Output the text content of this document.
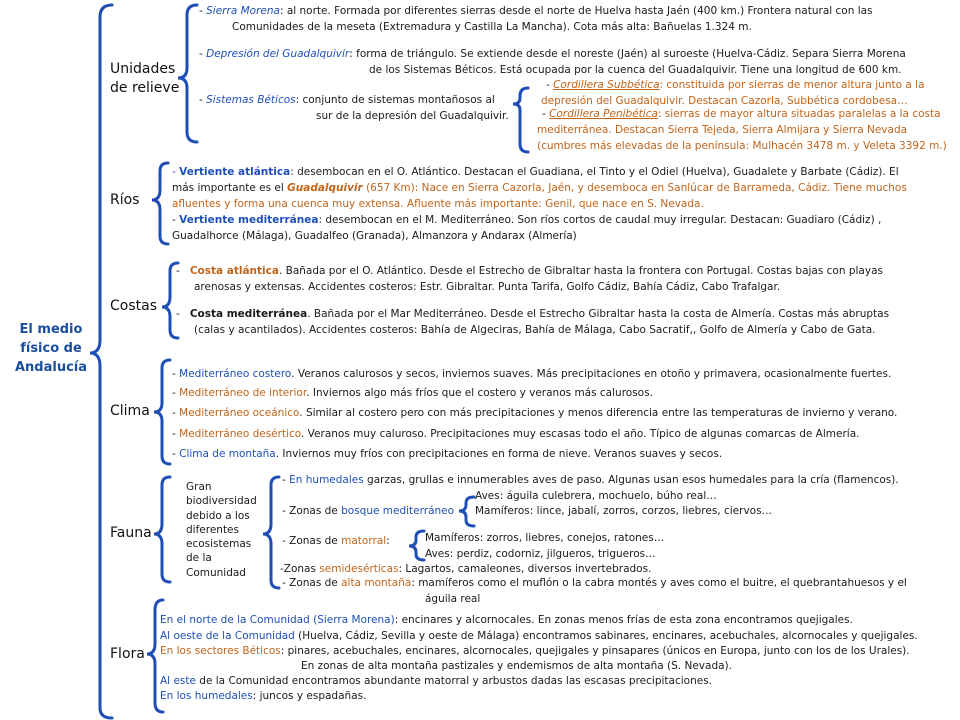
El medio
físico de
Andalucía
Unidades
de relieve
- Sierra Morena: al norte. Formada por diferentes sierras desde el norte de Huelva hasta Jaén (400 km.) Frontera natural con las
Comunidades de la meseta (Extremadura y Castilla La Mancha). Cota más alta: Bañuelas 1.324 m.
- Depresión del Guadalquivir: forma de triángulo. Se extiende desde el noreste (Jaén) al suroeste (Huelva-Cádiz. Separa Sierra Morena
de los Sistemas Béticos. Está ocupada por la cuenca del Guadalquivir. Tiene una longitud de 600 km.
- Sistemas Béticos: conjunto de sistemas montañosos al
sur de la depresión del Guadalquivir.
- Cordillera Subbética: constituida por sierras de menor altura junto a la
depresión del Guadalquivir. Destacan Cazorla, Subbética cordobesa…
- Cordillera Penibética: sierras de mayor altura situadas paralelas a la costa
mediterránea. Destacan Sierra Tejeda, Sierra Almijara y Sierra Nevada
(cumbres más elevadas de la península: Mulhacén 3478 m. y Veleta 3392 m.)
Ríos
- Vertiente atlántica: desembocan en el O. Atlántico. Destacan el Guadiana, el Tinto y el Odiel (Huelva), Guadalete y Barbate (Cádiz). El
más importante es el Guadalquivir (657 Km): Nace en Sierra Cazorla, Jaén, y desemboca en Sanlúcar de Barrameda, Cádiz. Tiene muchos
afluentes y forma una cuenca muy extensa. Afluente más importante: Genil, que nace en S. Nevada.
- Vertiente mediterránea: desembocan en el M. Mediterráneo. Son ríos cortos de caudal muy irregular. Destacan: Guadiaro (Cádiz) ,
Guadalhorce (Málaga), Guadalfeo (Granada), Almanzora y Andarax (Almería)
Costas
-   Costa atlántica. Bañada por el O. Atlántico. Desde el Estrecho de Gibraltar hasta la frontera con Portugal. Costas bajas con playas
arenosas y extensas. Accidentes costeros: Estr. Gibraltar. Punta Tarifa, Golfo Cádiz, Bahía Cádiz, Cabo Trafalgar.
-   Costa mediterránea. Bañada por el Mar Mediterráneo. Desde el Estrecho Gibraltar hasta la costa de Almería. Costas más abruptas
(calas y acantilados). Accidentes costeros: Bahía de Algeciras, Bahía de Málaga, Cabo Sacratif,, Golfo de Almería y Cabo de Gata.
Clima
- Mediterráneo costero. Veranos calurosos y secos, inviernos suaves. Más precipitaciones en otoño y primavera, ocasionalmente fuertes.
- Mediterráneo de interior. Inviernos algo más fríos que el costero y veranos más calurosos.
- Mediterráneo oceánico. Similar al costero pero con más precipitaciones y menos diferencia entre las temperaturas de invierno y verano.
- Mediterráneo desértico. Veranos muy caluroso. Precipitaciones muy escasas todo el año. Típico de algunas comarcas de Almería.
- Clima de montaña. Inviernos muy fríos con precipitaciones en forma de nieve. Veranos suaves y secos.
Fauna
Gran
biodiversidad
debido a los
diferentes
ecosistemas
de la
Comunidad
- En humedales garzas, grullas e innumerables aves de paso. Algunas usan esos humedales para la cría (flamencos).
Aves: águila culebrera, mochuelo, búho real…
- Zonas de bosque mediterráneo Mamíferos: lince, jabalí, zorros, corzos, liebres, ciervos…
Mamíferos: zorros, liebres, conejos, ratones…
- Zonas de matorral:
Aves: perdiz, codorniz, jilgueros, trigueros…
-Zonas semidesérticas: Lagartos, camaleones, diversos invertebrados.
- Zonas de alta montaña: mamíferos como el muflón o la cabra montés y aves como el buitre, el quebrantahuesos y el
águila real
Flora
En el norte de la Comunidad (Sierra Morena): encinares y alcornocales. En zonas menos frías de esta zona encontramos quejigales.
Al oeste de la Comunidad (Huelva, Cádiz, Sevilla y oeste de Málaga) encontramos sabinares, encinares, acebuchales, alcornocales y quejigales.
En los sectores Béticos: pinares, acebuchales, encinares, alcornocales, quejigales y pinsapares (únicos en Europa, junto con los de los Urales).
En zonas de alta montaña pastizales y endemismos de alta montaña (S. Nevada).
Al este de la Comunidad encontramos abundante matorral y arbustos dadas las escasas precipitaciones.
En los humedales: juncos y espadañas.
